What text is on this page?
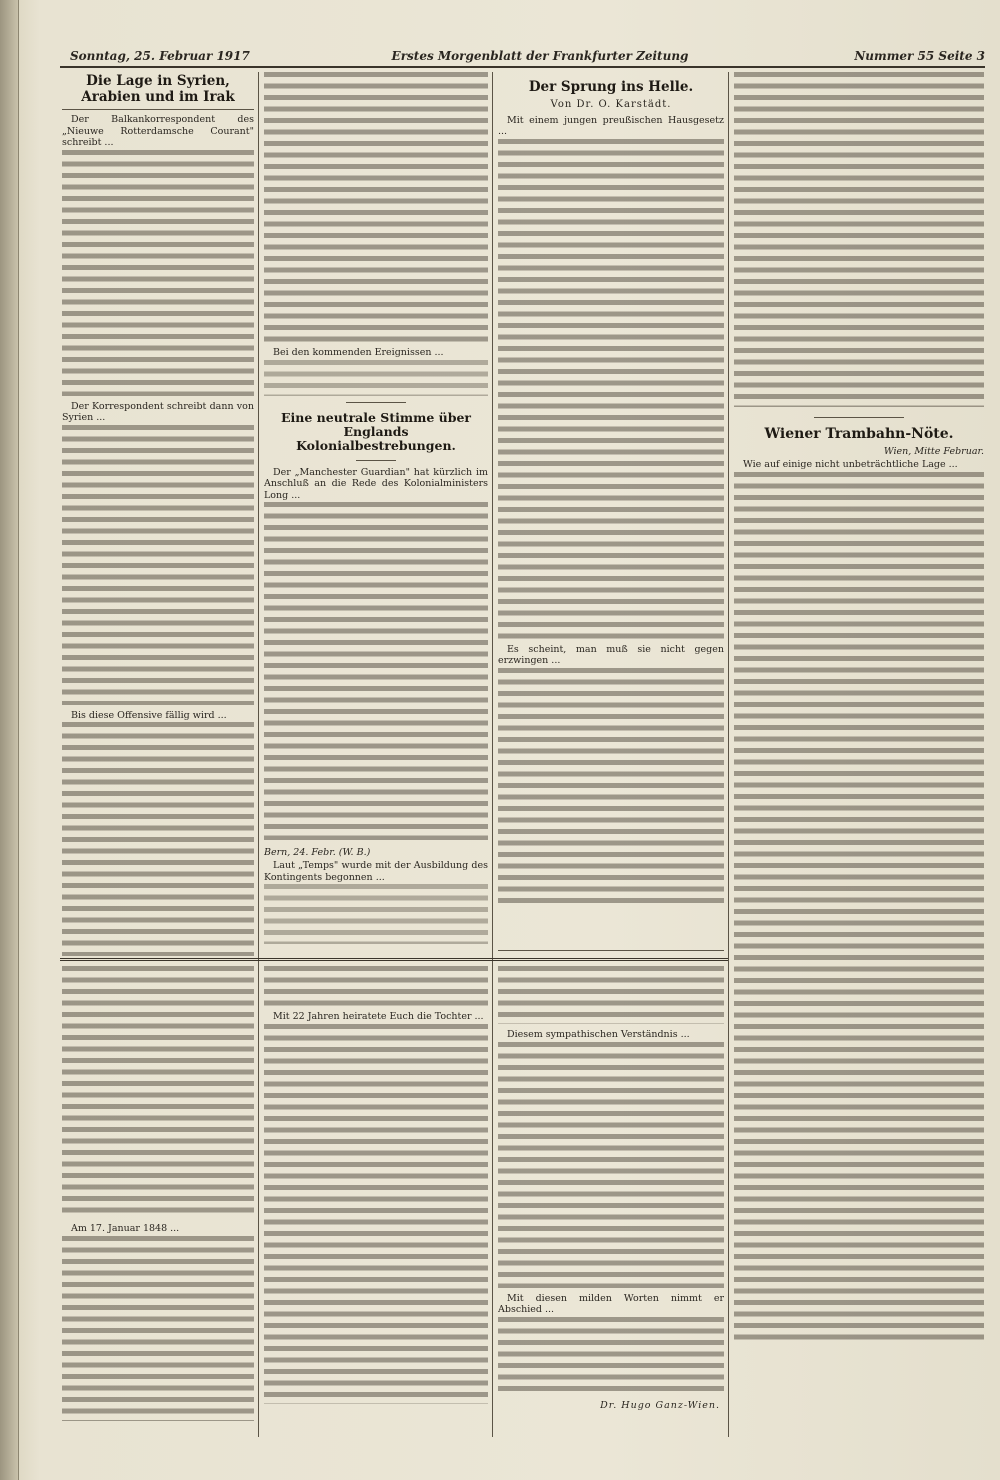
Sonntag, 25. Februar 1917	Erstes Morgenblatt der Frankfurter Zeitung	Nummer 55 Seite 3
Die Lage in Syrien, Arabien und im Irak

Der Balkankorrespondent des „Nieuwe Rotterdamsche Courant" schreibt ...

Der Korrespondent schreibt dann von Syrien ...

Bis diese Offensive fällig wird ...

Bei den kommenden Ereignissen ...

Eine neutrale Stimme über Englands Kolonialbestrebungen.

Der „Manchester Guardian" hat kürzlich im Anschluß an die Rede des Kolonialministers Long ...

Bern, 24. Febr. (W. B.)

Laut „Temps" wurde mit der Ausbildung des Kontingents begonnen ...

Der Sprung ins Helle.

Von Dr. O. Karstädt.

Mit einem jungen preußischen Hausgesetz ...

Es scheint, man muß sie nicht gegen erzwingen ...

Wiener Trambahn-Nöte.

Wien, Mitte Februar.

Wie auf einige nicht unbeträchtliche Lage ...

Am 17. Januar 1848 ...

Mit 22 Jahren heiratete Euch die Tochter ...

Diesem sympathischen Verständnis ...

Mit diesen milden Worten nimmt er Abschied ...

Dr. Hugo Ganz-Wien.
